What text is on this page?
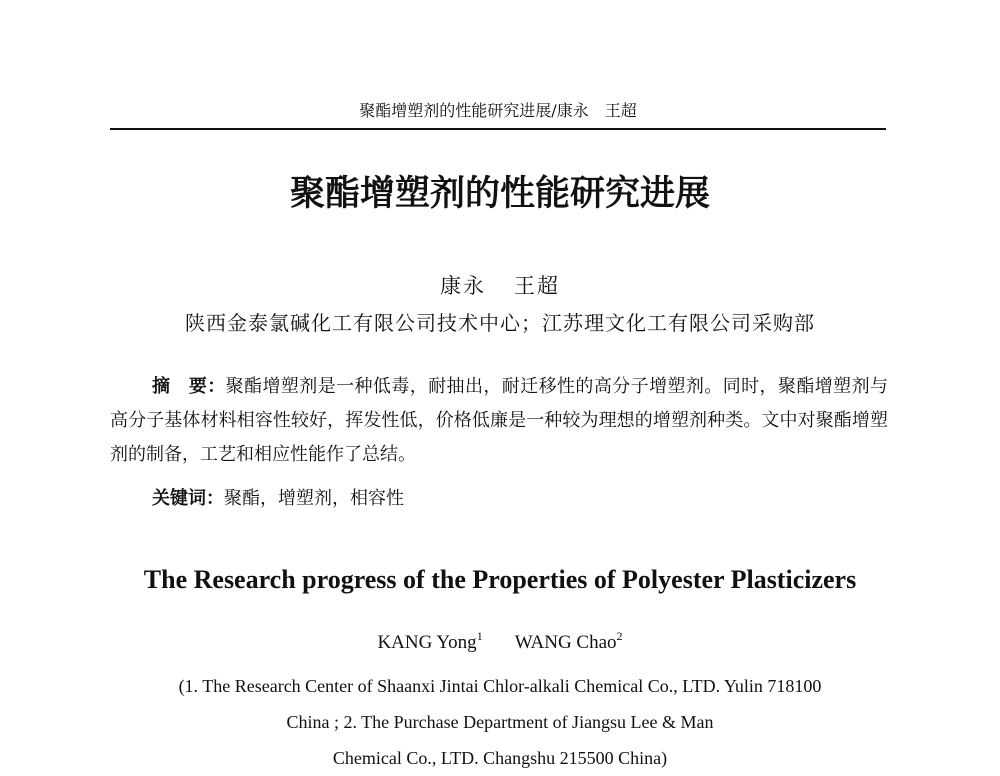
聚酯增塑剂的性能研究进展/康永　王超
聚酯增塑剂的性能研究进展
康永 王超
陕西金泰氯碱化工有限公司技术中心；江苏理文化工有限公司采购部

摘　要：聚酯增塑剂是一种低毒，耐抽出，耐迁移性的高分子增塑剂。同时，聚酯增塑剂与高分子基体材料相容性较好，挥发性低，价格低廉是一种较为理想的增塑剂种类。文中对聚酯增塑剂的制备，工艺和相应性能作了总结。

关键词：聚酯，增塑剂，相容性
The Research progress of the Properties of Polyester Plasticizers
KANG Yong$^1$ WANG Chao$^2$
(1. The Research Center of Shaanxi Jintai Chlor-alkali Chemical Co., LTD. Yulin 718100
China ; 2. The Purchase Department of Jiangsu Lee & Man
Chemical Co., LTD. Changshu 215500 China)
